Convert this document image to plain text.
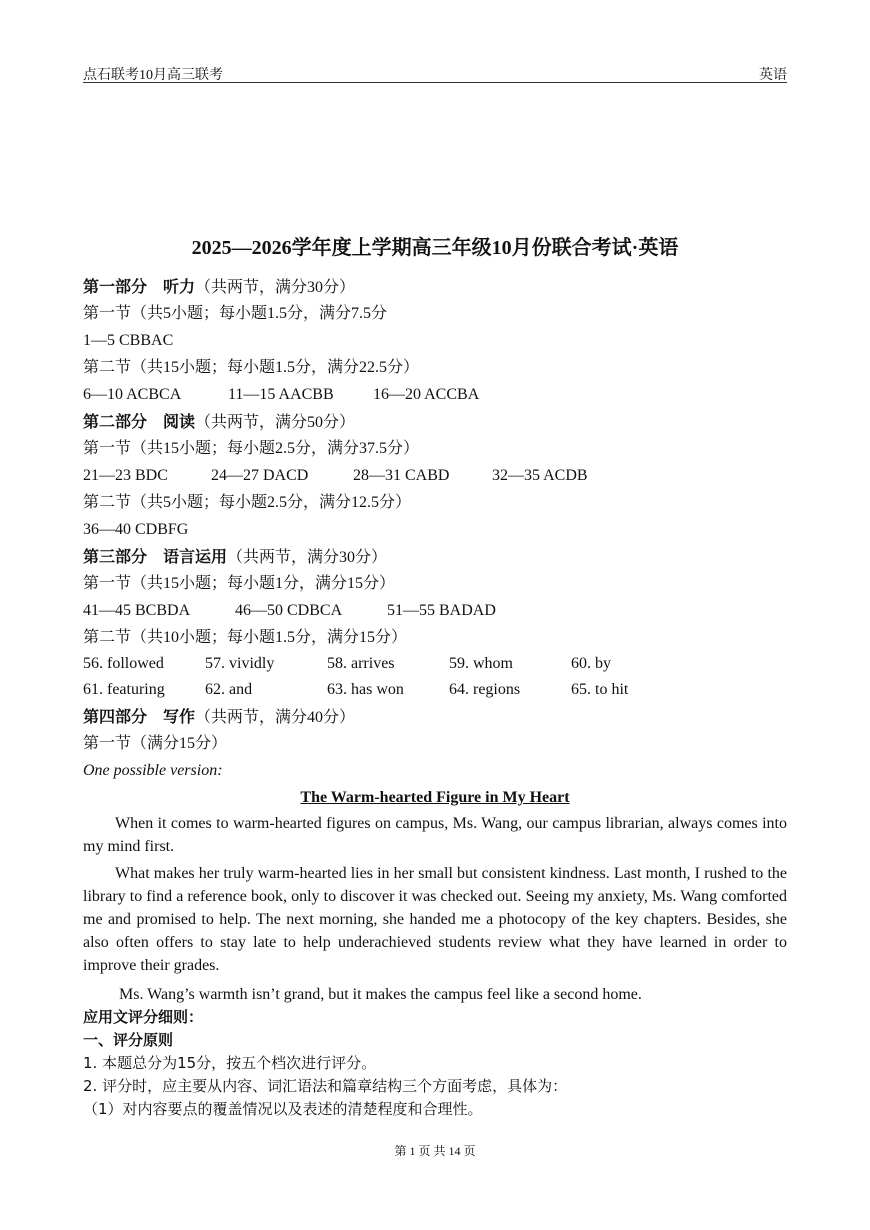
点石联考10月高三联考	英语
2025—2026学年度上学期高三年级10月份联合考试·英语
第一部分　听力（共两节，满分30分）
第一节（共5小题；每小题1.5分，满分7.5分
1—5 CBBAC
第二节（共15小题；每小题1.5分，满分22.5分）
6—10 ACBCA	11—15 AACBB 16—20 ACCBA
第二部分　阅读（共两节，满分50分）
第一节（共15小题；每小题2.5分，满分37.5分）
21—23 BDC	24—27 DACD	28—31 CABD	32—35 ACDB
第二节（共5小题；每小题2.5分，满分12.5分）
36—40 CDBFG
第三部分　语言运用（共两节，满分30分）
第一节（共15小题；每小题1分，满分15分）
41—45 BCBDA	46—50 CDBCA	51—55 BADAD
第二节（共10小题；每小题1.5分，满分15分）
56. followed	57. vividly	58. arrives	59. whom	60. by
61. featuring	62. and	63. has won	64. regions	65. to hit
第四部分　写作（共两节，满分40分）
第一节（满分15分）
One possible version:
The Warm-hearted Figure in My Heart

When it comes to warm-hearted figures on campus, Ms. Wang, our campus librarian, always comes into my mind first.

What makes her truly warm-hearted lies in her small but consistent kindness. Last month, I rushed to the library to find a reference book, only to discover it was checked out. Seeing my anxiety, Ms. Wang comforted me and promised to help. The next morning, she handed me a photocopy of the key chapters. Besides, she also often offers to stay late to help underachieved students review what they have learned in order to improve their grades.

Ms. Wang’s warmth isn’t grand, but it makes the campus feel like a second home.

应用文评分细则：
一、评分原则
1. 本题总分为15分，按五个档次进行评分。
2. 评分时，应主要从内容、词汇语法和篇章结构三个方面考虑，具体为：
（1）对内容要点的覆盖情况以及表述的清楚程度和合理性。
第 1 页 共 14 页
